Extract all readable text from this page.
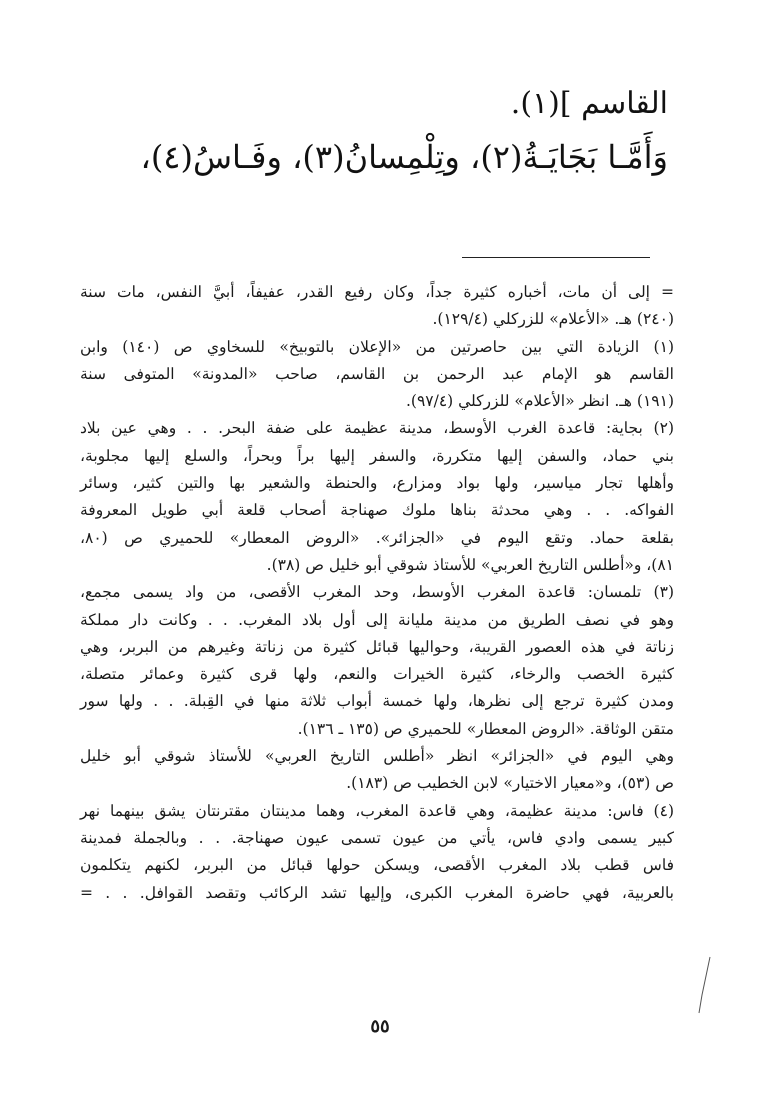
القاسم ](١).
وَأَمَّـا بَجَايَـةُ(٢)، وتِلْمِسانُ(٣)، وفَـاسُ(٤)،
= إلى أن مات، أخباره كثيرة جداً، وكان رفيع القدر، عفيفاً، أبيَّ النفس، مات سنة
(٢٤٠) هـ. «الأعلام» للزركلي (١٢٩/٤).
(١) الزيادة التي بين حاصرتين من «الإعلان بالتوبيخ» للسخاوي ص (١٤٠) وابن
القاسم هو الإمام عبد الرحمن بن القاسم، صاحب «المدونة» المتوفى سنة
(١٩١) هـ. انظر «الأعلام» للزركلي (٩٧/٤).
(٢) بجاية: قاعدة الغرب الأوسط، مدينة عظيمة على ضفة البحر. . . وهي عين بلاد
بني حماد، والسفن إليها متكررة، والسفر إليها براً وبحراً، والسلع إليها مجلوبة،
وأهلها تجار مياسير، ولها بواد ومزارع، والحنطة والشعير بها والتين كثير، وسائر
الفواكه. . . وهي محدثة بناها ملوك صهناجة أصحاب قلعة أبي طويل المعروفة
بقلعة حماد. وتقع اليوم في «الجزائر». «الروض المعطار» للحميري ص (٨٠،
٨١)، و«أطلس التاريخ العربي» للأستاذ شوقي أبو خليل ص (٣٨).
(٣) تلمسان: قاعدة المغرب الأوسط، وحد المغرب الأقصى، من واد يسمى مجمع،
وهو في نصف الطريق من مدينة مليانة إلى أول بلاد المغرب. . . وكانت دار مملكة
زناتة في هذه العصور القريبة، وحواليها قبائل كثيرة من زناتة وغيرهم من البربر، وهي
كثيرة الخصب والرخاء، كثيرة الخيرات والنعم، ولها قرى كثيرة وعمائر متصلة،
ومدن كثيرة ترجع إلى نظرها، ولها خمسة أبواب ثلاثة منها في القِبلة. . . ولها سور
متقن الوثاقة. «الروض المعطار» للحميري ص (١٣٥ ـ ١٣٦).
وهي اليوم في «الجزائر» انظر «أطلس التاريخ العربي» للأستاذ شوقي أبو خليل
ص (٥٣)، و«معيار الاختيار» لابن الخطيب ص (١٨٣).
(٤) فاس: مدينة عظيمة، وهي قاعدة المغرب، وهما مدينتان مقترنتان يشق بينهما نهر
كبير يسمى وادي فاس، يأتي من عيون تسمى عيون صهناجة. . . وبالجملة فمدينة
فاس قطب بلاد المغرب الأقصى، ويسكن حولها قبائل من البربر، لكنهم يتكلمون
بالعربية، فهي حاضرة المغرب الكبرى، وإليها تشد الركائب وتقصد القوافل. . . =
٥٥
